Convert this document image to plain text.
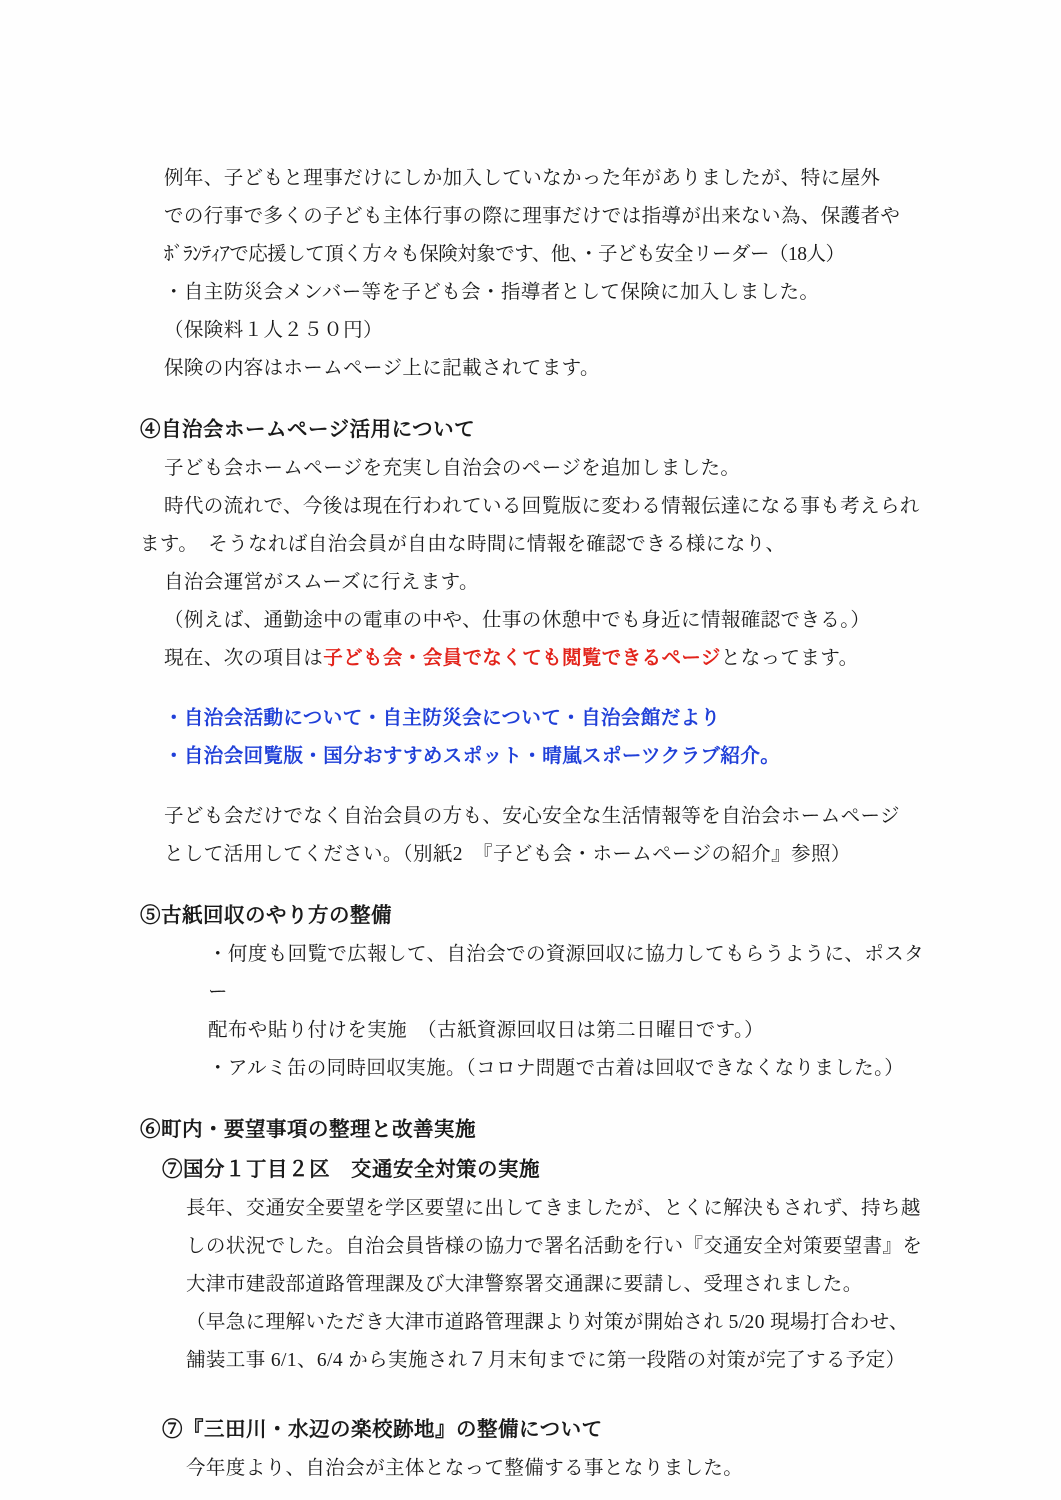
例年、子どもと理事だけにしか加入していなかった年がありましたが、特に屋外
での行事で多くの子ども主体行事の際に理事だけでは指導が出来ない為、保護者や
ﾎﾞﾗﾝﾃｨｱで応援して頂く方々も保険対象です、他、・子ども安全リーダー（18人）
・自主防災会メンバー等を子ども会・指導者として保険に加入しました。
（保険料１人２５０円）
保険の内容はホームページ上に記載されてます。
④自治会ホームページ活用について
子ども会ホームページを充実し自治会のページを追加しました。
時代の流れで、今後は現在行われている回覧版に変わる情報伝達になる事も考えられ
ます。　そうなれば自治会員が自由な時間に情報を確認できる様になり、
自治会運営がスムーズに行えます。
（例えば、通勤途中の電車の中や、仕事の休憩中でも身近に情報確認できる。）
現在、次の項目は子ども会・会員でなくても閲覧できるページとなってます。
・自治会活動について・自主防災会について・自治会館だより
・自治会回覧版・国分おすすめスポット・晴嵐スポーツクラブ紹介。
子ども会だけでなく自治会員の方も、安心安全な生活情報等を自治会ホームページ
として活用してください。（別紙2　『子ども会・ホームページの紹介』参照）
⑤古紙回収のやり方の整備
・何度も回覧で広報して、自治会での資源回収に協力してもらうように、ポスター
配布や貼り付けを実施　（古紙資源回収日は第二日曜日です。）
・アルミ缶の同時回収実施。（コロナ問題で古着は回収できなくなりました。）
⑥町内・要望事項の整理と改善実施
⑦国分１丁目２区　交通安全対策の実施
長年、交通安全要望を学区要望に出してきましたが、とくに解決もされず、持ち越
しの状況でした。自治会員皆様の協力で署名活動を行い『交通安全対策要望書』を
大津市建設部道路管理課及び大津警察署交通課に要請し、受理されました。
（早急に理解いただき大津市道路管理課より対策が開始され 5/20 現場打合わせ、
舗装工事 6/1、6/4 から実施され７月末旬までに第一段階の対策が完了する予定）
⑦『三田川・水辺の楽校跡地』の整備について
今年度より、自治会が主体となって整備する事となりました。
